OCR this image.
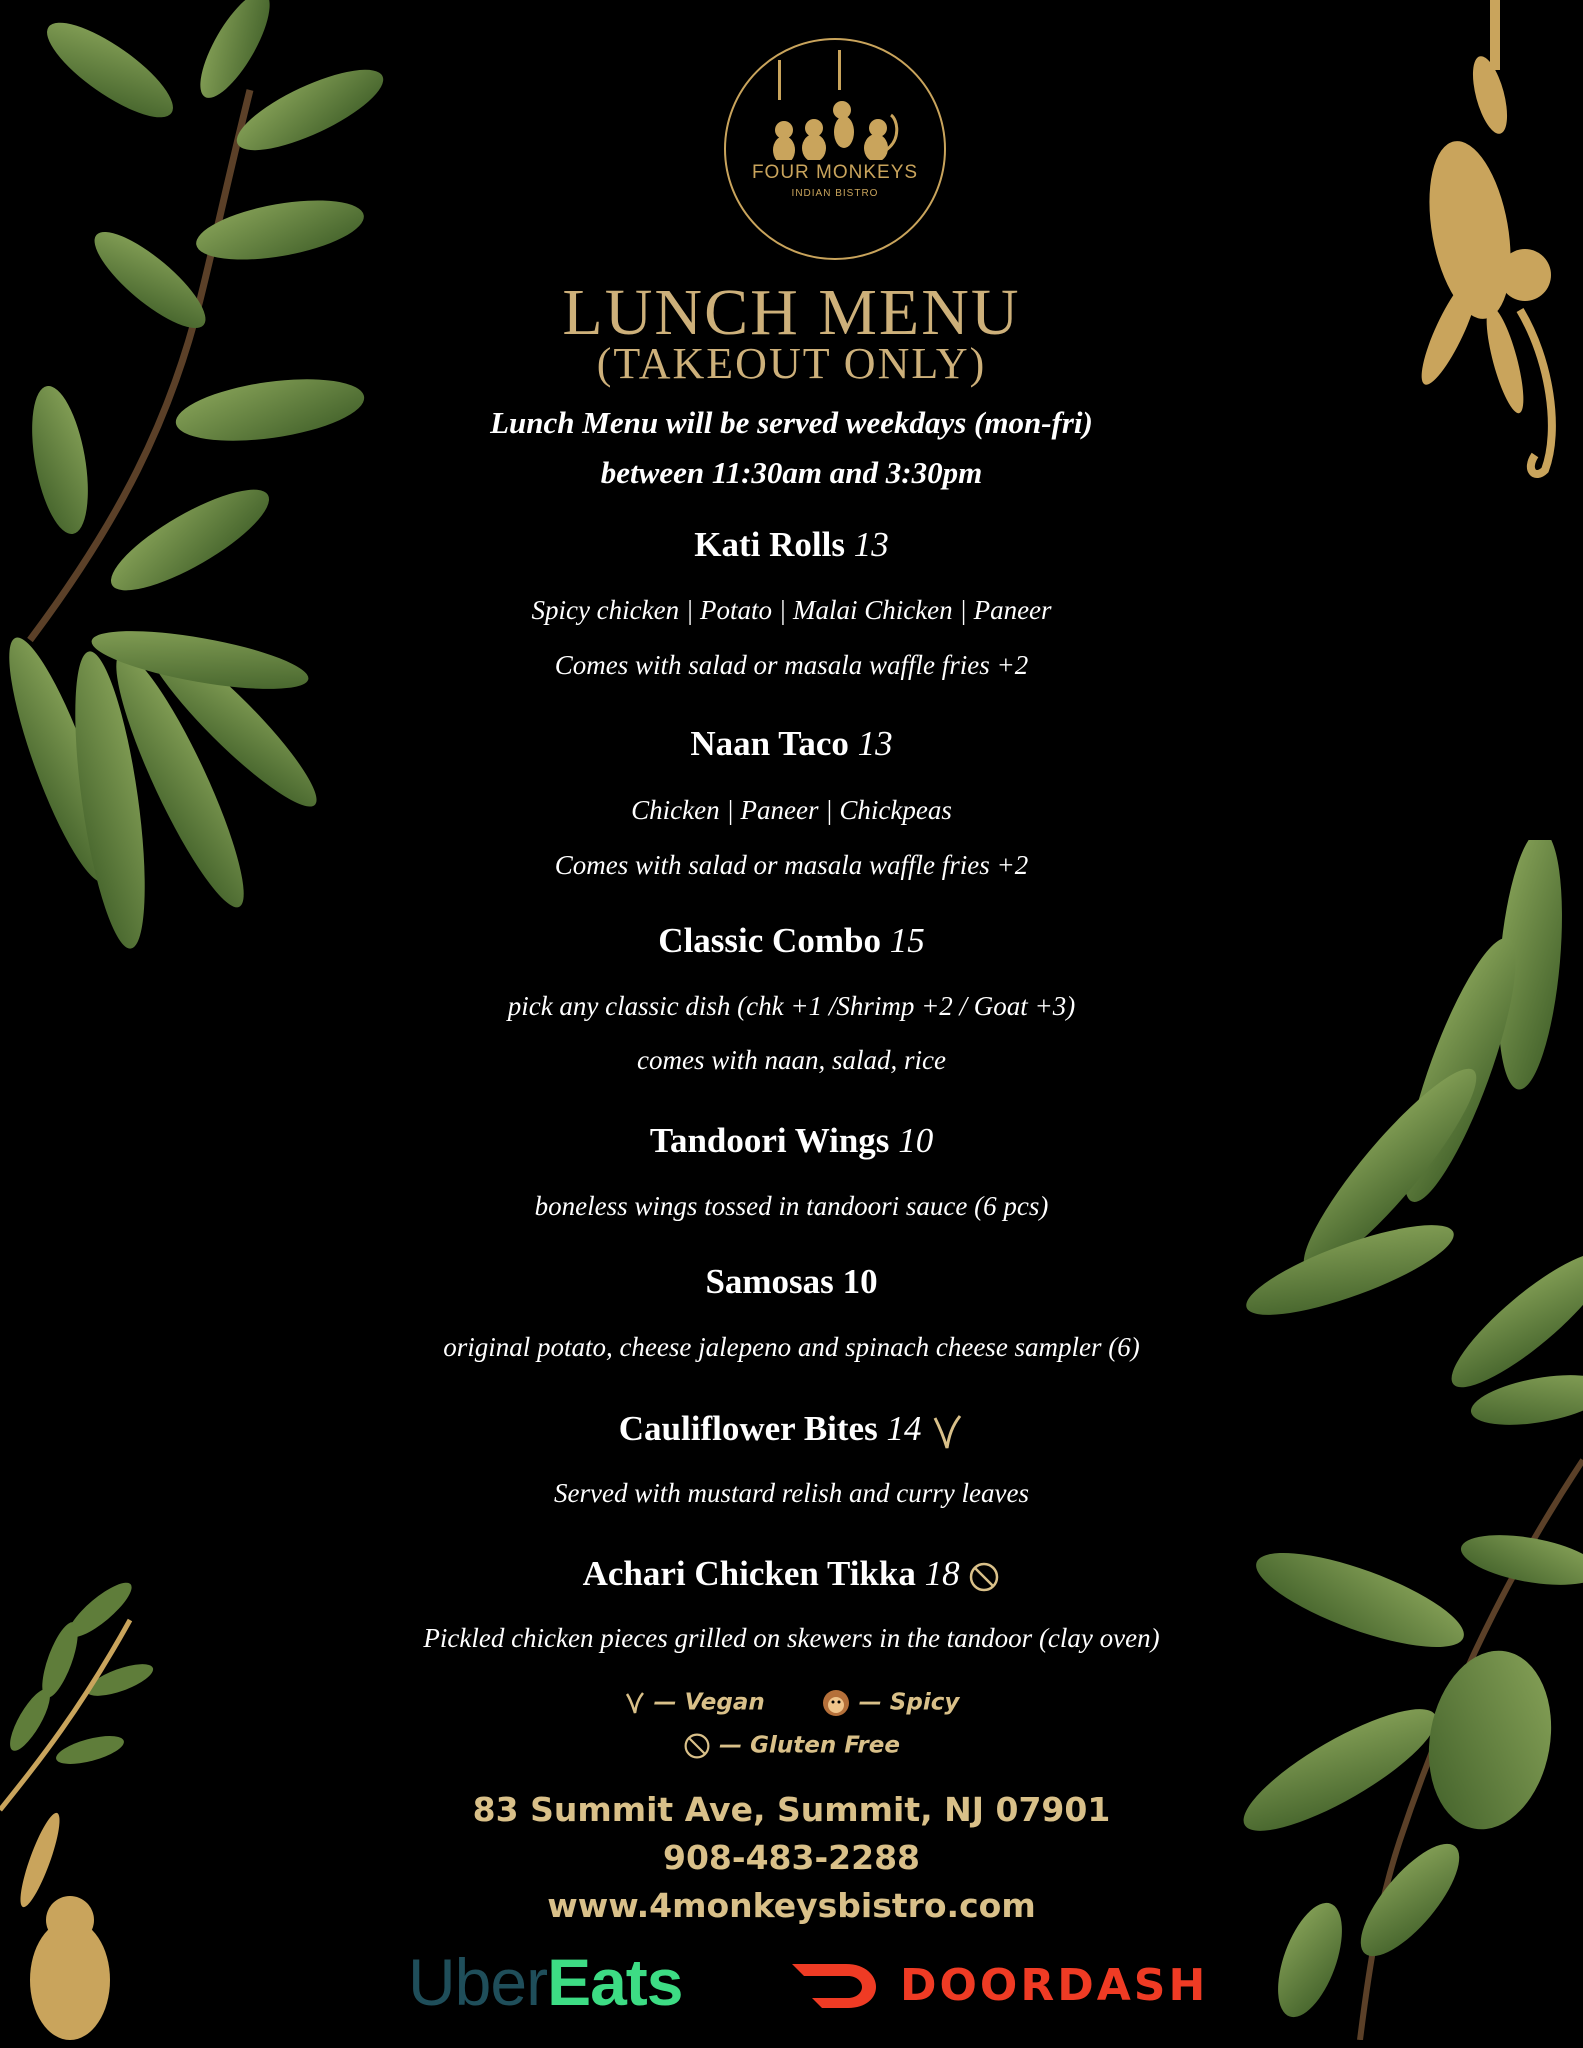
FOUR MONKEYS
INDIAN BISTRO
LUNCH MENU
(TAKEOUT ONLY)
Lunch Menu will be served weekdays (mon-fri)
between 11:30am and 3:30pm
Kati Rolls 13
Spicy chicken | Potato | Malai Chicken | Paneer
Comes with salad or masala waffle fries +2
Naan Taco 13
Chicken | Paneer | Chickpeas
Comes with salad or masala waffle fries +2
Classic Combo 15
pick any classic dish (chk +1 /Shrimp +2 / Goat +3)
comes with naan, salad, rice
Tandoori Wings 10
boneless wings tossed in tandoori sauce (6 pcs)
Samosas 10
original potato, cheese jalepeno and spinach cheese sampler (6)
Cauliflower Bites 14
Served with mustard relish and curry leaves
Achari Chicken Tikka 18
Pickled chicken pieces grilled on skewers in the tandoor (clay oven)
— Vegan	— Spicy
— Gluten Free
83 Summit Ave, Summit, NJ 07901
908-483-2288
www.4monkeysbistro.com
UberEats	DOORDASH
